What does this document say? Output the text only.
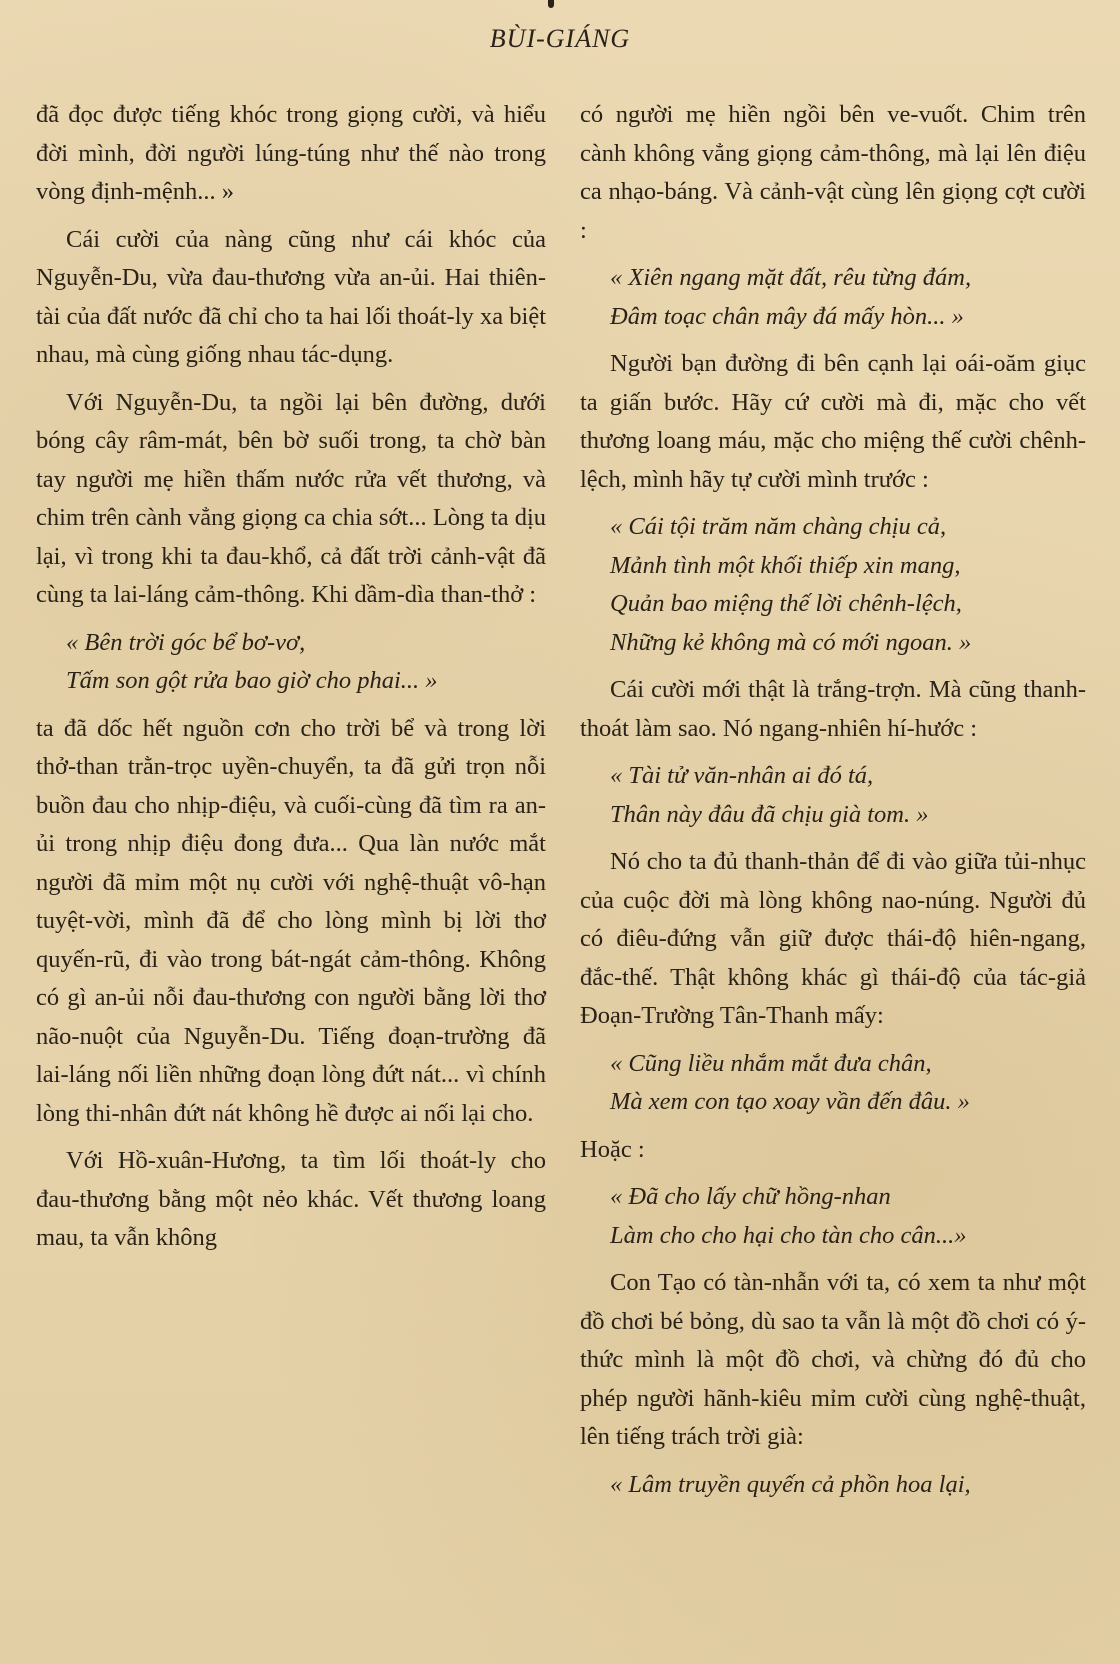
BÙI-GIÁNG

đã đọc được tiếng khóc trong giọng cười, và hiểu đời mình, đời người lúng-túng như thế nào trong vòng định-mệnh... »

Cái cười của nàng cũng như cái khóc của Nguyễn-Du, vừa đau-thương vừa an-ủi. Hai thiên-tài của đất nước đã chỉ cho ta hai lối thoát-ly xa biệt nhau, mà cùng giống nhau tác-dụng.

Với Nguyễn-Du, ta ngồi lại bên đường, dưới bóng cây râm-mát, bên bờ suối trong, ta chờ bàn tay người mẹ hiền thấm nước rửa vết thương, và chim trên cành vẳng giọng ca chia sớt... Lòng ta dịu lại, vì trong khi ta đau-khổ, cả đất trời cảnh-vật đã cùng ta lai-láng cảm-thông. Khi dầm-dìa than-thở :

« Bên trời góc bể bơ-vơ,
Tấm son gột rửa bao giờ cho phai... »

ta đã dốc hết nguồn cơn cho trời bể và trong lời thở-than trằn-trọc uyền-chuyển, ta đã gửi trọn nỗi buồn đau cho nhịp-điệu, và cuối-cùng đã tìm ra an-ủi trong nhịp điệu đong đưa... Qua làn nước mắt người đã mỉm một nụ cười với nghệ-thuật vô-hạn tuyệt-vời, mình đã để cho lòng mình bị lời thơ quyến-rũ, đi vào trong bát-ngát cảm-thông. Không có gì an-ủi nỗi đau-thương con người bằng lời thơ não-nuột của Nguyễn-Du. Tiếng đoạn-trường đã lai-láng nối liền những đoạn lòng đứt nát... vì chính lòng thi-nhân đứt nát không hề được ai nối lại cho.

Với Hồ-xuân-Hương, ta tìm lối thoát-ly cho đau-thương bằng một nẻo khác. Vết thương loang mau, ta vẫn không

có người mẹ hiền ngồi bên ve-vuốt. Chim trên cành không vẳng giọng cảm-thông, mà lại lên điệu ca nhạo-báng. Và cảnh-vật cùng lên giọng cợt cười :

« Xiên ngang mặt đất, rêu từng đám,
Đâm toạc chân mây đá mấy hòn... »

Người bạn đường đi bên cạnh lại oái-oăm giục ta giấn bước. Hãy cứ cười mà đi, mặc cho vết thương loang máu, mặc cho miệng thế cười chênh-lệch, mình hãy tự cười mình trước :

« Cái tội trăm năm chàng chịu cả,
Mảnh tình một khối thiếp xin mang,
Quản bao miệng thế lời chênh-lệch,
Những kẻ không mà có mới ngoan. »

Cái cười mới thật là trắng-trợn. Mà cũng thanh-thoát làm sao. Nó ngang-nhiên hí-hước :

« Tài tử văn-nhân ai đó tá,
Thân này đâu đã chịu già tom. »

Nó cho ta đủ thanh-thản để đi vào giữa tủi-nhục của cuộc đời mà lòng không nao-núng. Người đủ có điêu-đứng vẫn giữ được thái-độ hiên-ngang, đắc-thế. Thật không khác gì thái-độ của tác-giả Đoạn-Trường Tân-Thanh mấy:

« Cũng liều nhắm mắt đưa chân,
Mà xem con tạo xoay vần đến đâu. »

Hoặc :

« Đã cho lấy chữ hồng-nhan
Làm cho cho hại cho tàn cho cân...»

Con Tạo có tàn-nhẫn với ta, có xem ta như một đồ chơi bé bỏng, dù sao ta vẫn là một đồ chơi có ý-thức mình là một đồ chơi, và chừng đó đủ cho phép người hãnh-kiêu mỉm cười cùng nghệ-thuật, lên tiếng trách trời già:

« Lâm truyền quyến cả phồn hoa lại,
